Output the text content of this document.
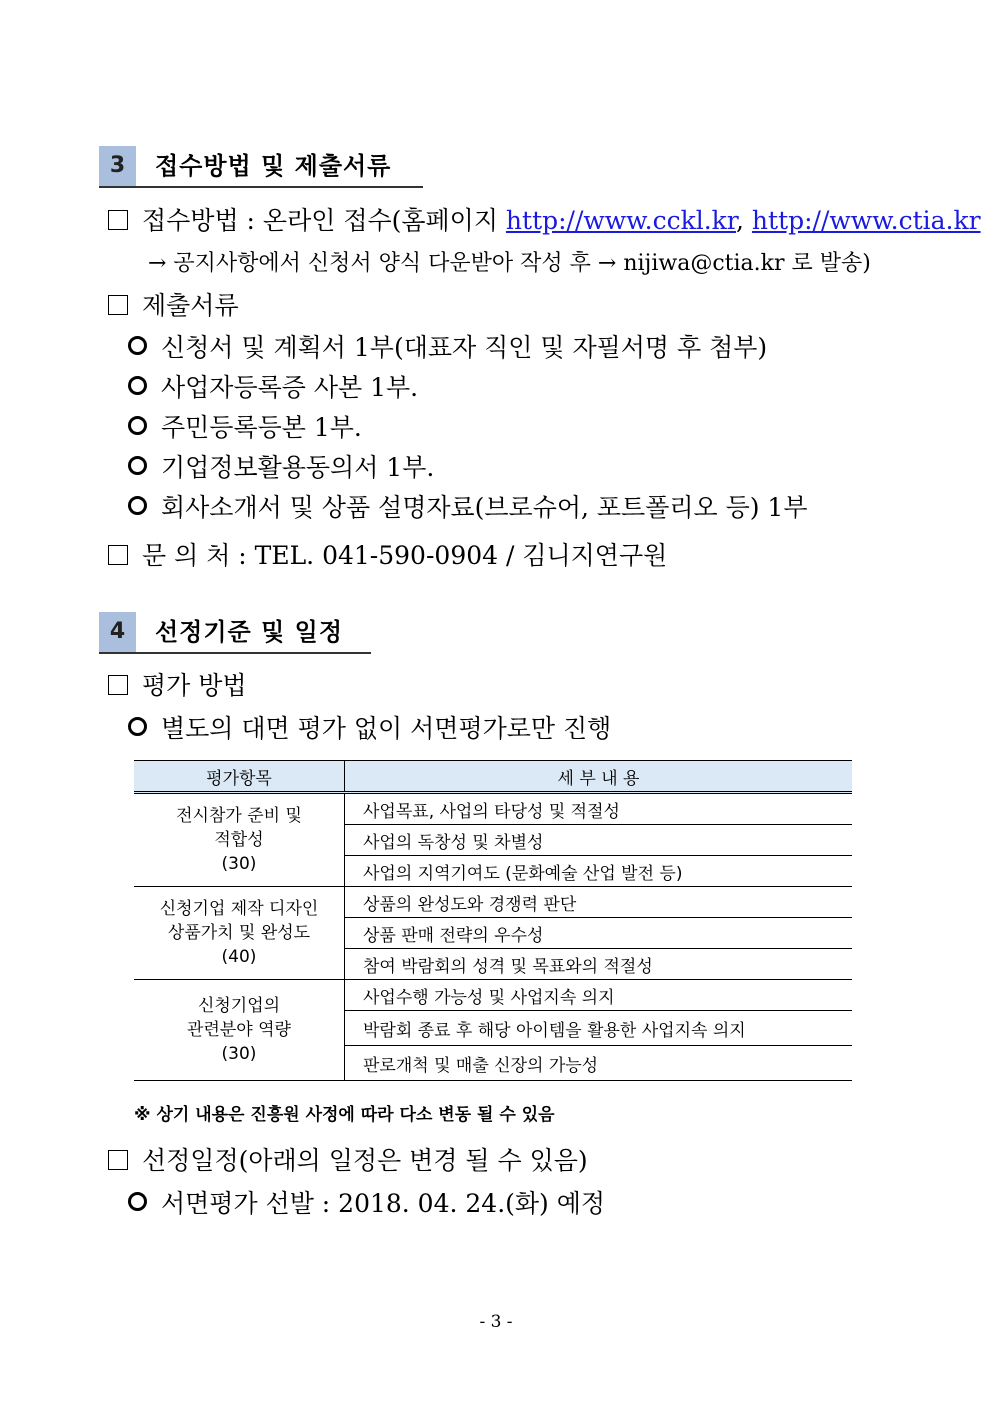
3	접수방법 및 제출서류
접수방법 : 온라인 접수(홈페이지 http://www.cckl.kr, http://www.ctia.kr
→ 공지사항에서 신청서 양식 다운받아 작성 후 → nijiwa@ctia.kr 로 발송)
제출서류
신청서 및 계획서 1부(대표자 직인 및 자필서명 후 첨부)
사업자등록증 사본 1부.
주민등록등본 1부.
기업정보활용동의서 1부.
회사소개서 및 상품 설명자료(브로슈어, 포트폴리오 등) 1부
문 의 처 : TEL. 041-590-0904 / 김니지연구원
4	선정기준 및 일정
평가 방법
별도의 대면 평가 없이 서면평가로만 진행
평가항목	세 부 내 용

전시참가 준비 및
적합성
(30)	사업목표, 사업의 타당성 및 적절성
	사업의 독창성 및 차별성
	사업의 지역기여도 (문화예술 산업 발전 등)

신청기업 제작 디자인
상품가치 및 완성도
(40)	상품의 완성도와 경쟁력 판단
	상품 판매 전략의 우수성
	참여 박람회의 성격 및 목표와의 적절성

신청기업의
관련분야 역량
(30)	사업수행 가능성 및 사업지속 의지
	박람회 종료 후 해당 아이템을 활용한 사업지속 의지
	판로개척 및 매출 신장의 가능성
※ 상기 내용은 진흥원 사정에 따라 다소 변동 될 수 있음
선정일정(아래의 일정은 변경 될 수 있음)
서면평가 선발 : 2018. 04. 24.(화) 예정
- 3 -
